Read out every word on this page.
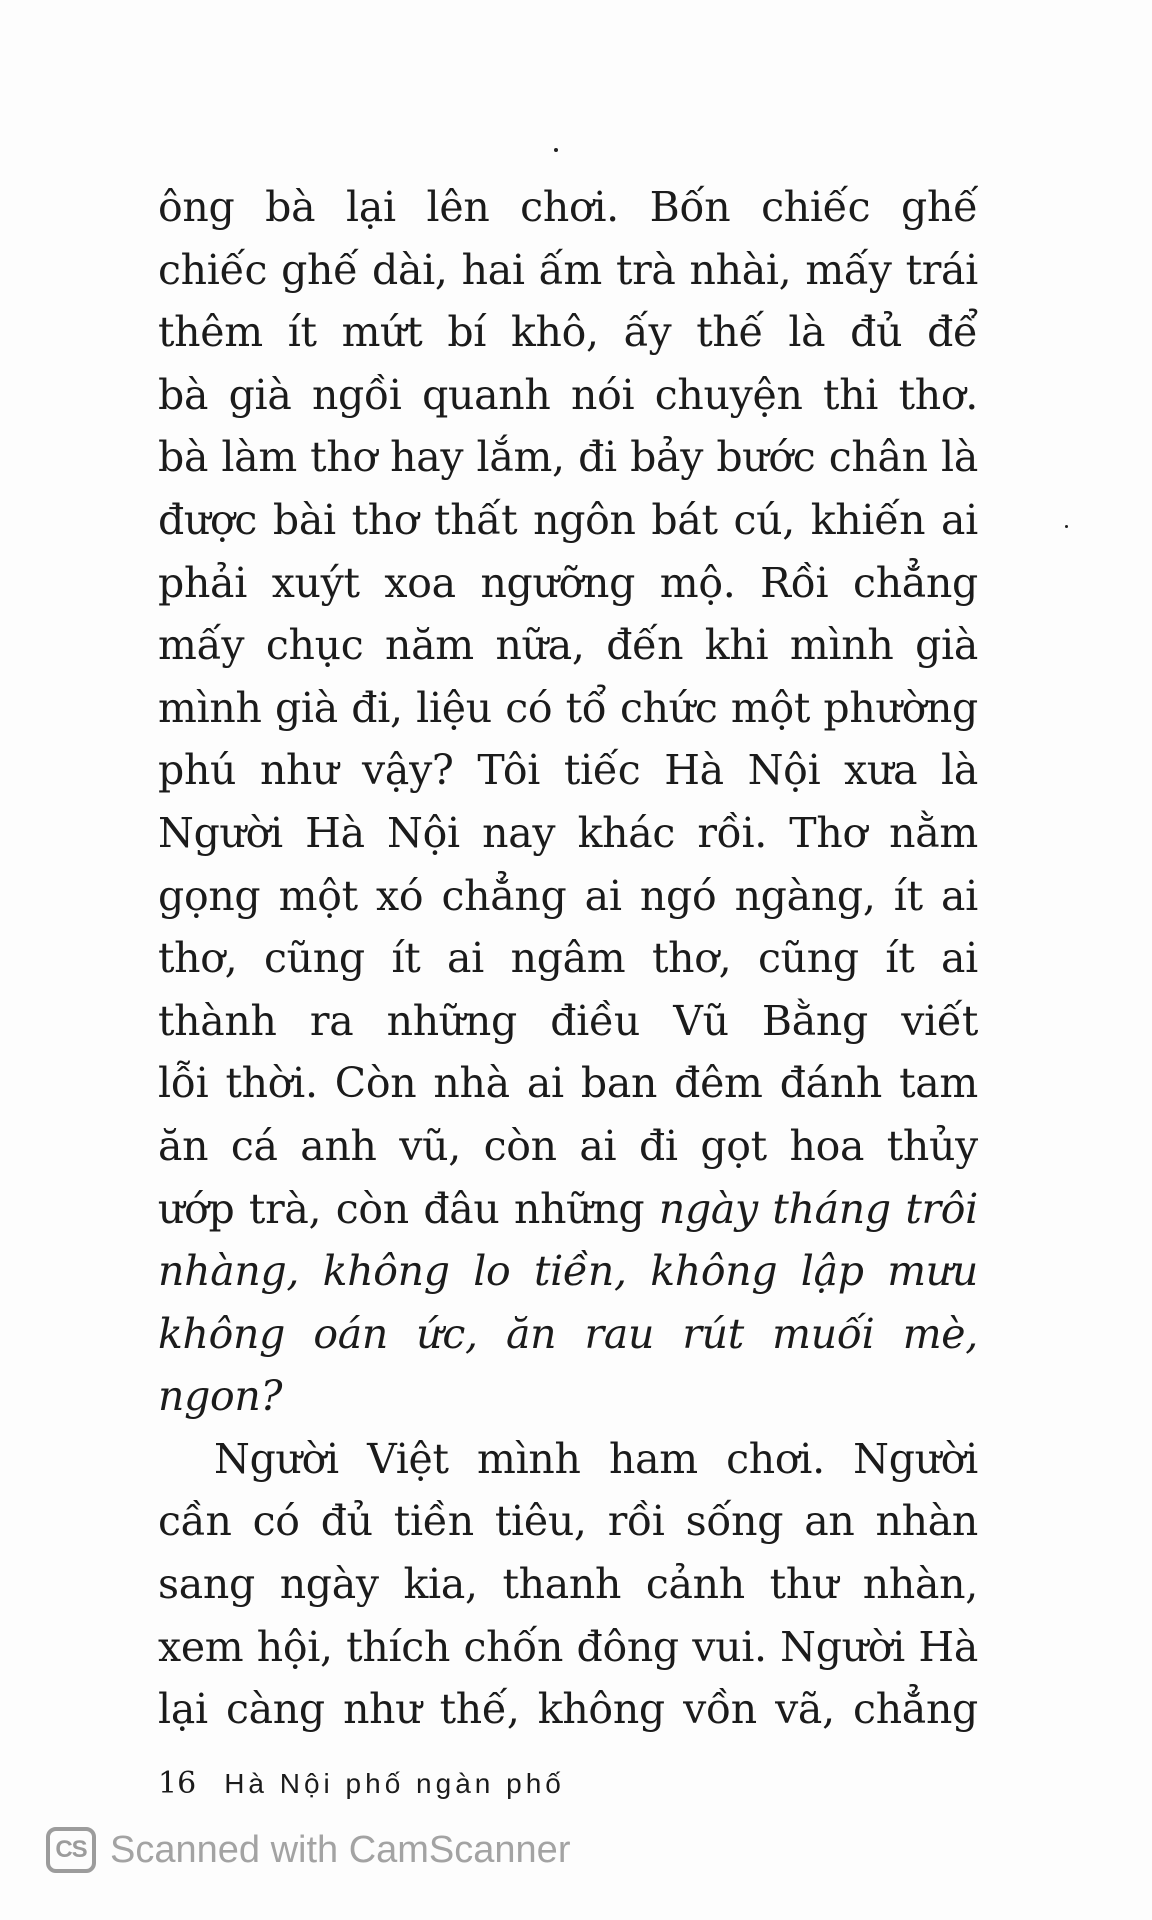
ông bà lại lên chơi. Bốn chiếc ghế
chiếc ghế dài, hai ấm trà nhài, mấy trái
thêm ít mứt bí khô, ấy thế là đủ để
bà già ngồi quanh nói chuyện thi thơ.
bà làm thơ hay lắm, đi bảy bước chân là
được bài thơ thất ngôn bát cú, khiến ai
phải xuýt xoa ngưỡng mộ. Rồi chẳng
mấy chục năm nữa, đến khi mình già
mình già đi, liệu có tổ chức một phường
phú như vậy? Tôi tiếc Hà Nội xưa là
Người Hà Nội nay khác rồi. Thơ nằm
gọng một xó chẳng ai ngó ngàng, ít ai
thơ, cũng ít ai ngâm thơ, cũng ít ai
thành ra những điều Vũ Bằng viết
lỗi thời. Còn nhà ai ban đêm đánh tam
ăn cá anh vũ, còn ai đi gọt hoa thủy
ướp trà, còn đâu những ngày tháng trôi
nhàng, không lo tiền, không lập mưu
không oán ức, ăn rau rút muối mè,
ngon?
Người Việt mình ham chơi. Người
cần có đủ tiền tiêu, rồi sống an nhàn
sang ngày kia, thanh cảnh thư nhàn,
xem hội, thích chốn đông vui. Người Hà
lại càng như thế, không vồn vã, chẳng
16 Hà Nội phố ngàn phố
CS Scanned with CamScanner
